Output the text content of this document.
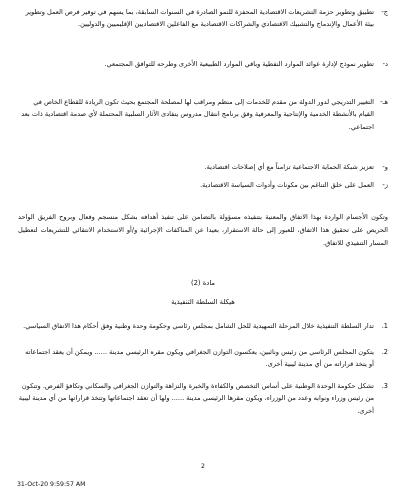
ج-
تطبيق وتطوير حزمة التشريعات الاقتصادية المحفزة للنمو الصادرة في السنوات السابقة، بما يسهم في توفير فرص العمل وتطوير بيئة الأعمال والإندماج والتشبيك الاقتصادي والشراكات الاقتصادية مع الفاعلين الاقتصاديين الإقليميين والدوليين.
د-
تطوير نموذج لإدارة عوائد الموارد النفطية وباقي الموارد الطبيعية الأخرى وطرحه للتوافق المجتمعي.
هـ-
التغيير التدريجي لدور الدولة من مقدم للخدمات إلى منظم ومراقب لها لمصلحة المجتمع بحيث تكون الريادة للقطاع الخاص في القيام بالأنشطة الخدمية والإنتاجية والمعرفية وفق برنامج انتقال مدروس يتفادى الآثار السلبية المحتملة لأي صدمة اقتصادية ذات بعد اجتماعي.
و-
تعزيز شبكة الحماية الاجتماعية تزامناً مع أي إصلاحات اقتصادية.
ز-
العمل على خلق التناغم بين مكونات وأدوات السياسة الاقتصادية.
وتكون الأجسام الواردة بهذا الاتفاق والمعنية بتنفيذه مسؤولة بالتضامن على تنفيذ أهدافه بشكل منسجم وفعال وبروح الفريق الواحد الحريص على تحقيق هذا الاتفاق، للعبور إلى حالة الاستقرار، بعيدا عن المناكفات الإجرائية و/أو الاستخدام الانتقائي للتشريعات لتعطيل المسار التنفيذي للاتفاق.
مادة (2)
هيكلة السلطة التنفيذية
1.
تدار السلطة التنفيذية خلال المرحلة التمهيدية للحل الشامل بمجلس رئاسي وحكومة وحدة وطنية وفق أحكام هذا الاتفاق السياسي.
2.
يتكون المجلس الرئاسي من رئيس ونائبين، يعكسون التوازن الجغرافي ويكون مقره الرئيسي مدينة ...... ويمكن أن يعقد اجتماعاته أو يتخذ قراراته من أي مدينة ليبية أخرى.
3.
تشكل حكومة الوحدة الوطنية على أساس التخصص والكفاءة والخبرة والنزاهة والتوازن الجغرافي والسكاني وتكافؤ الفرص. وتتكون من رئيس وزراء ونوابه وعدد من الوزراء، ويكون مقرها الرئيسي مدينة ...... ولها أن تعقد اجتماعاتها وتتخذ قراراتها من أي مدينة ليبية أخرى.
2
31-Oct-20 9:59:57 AM
